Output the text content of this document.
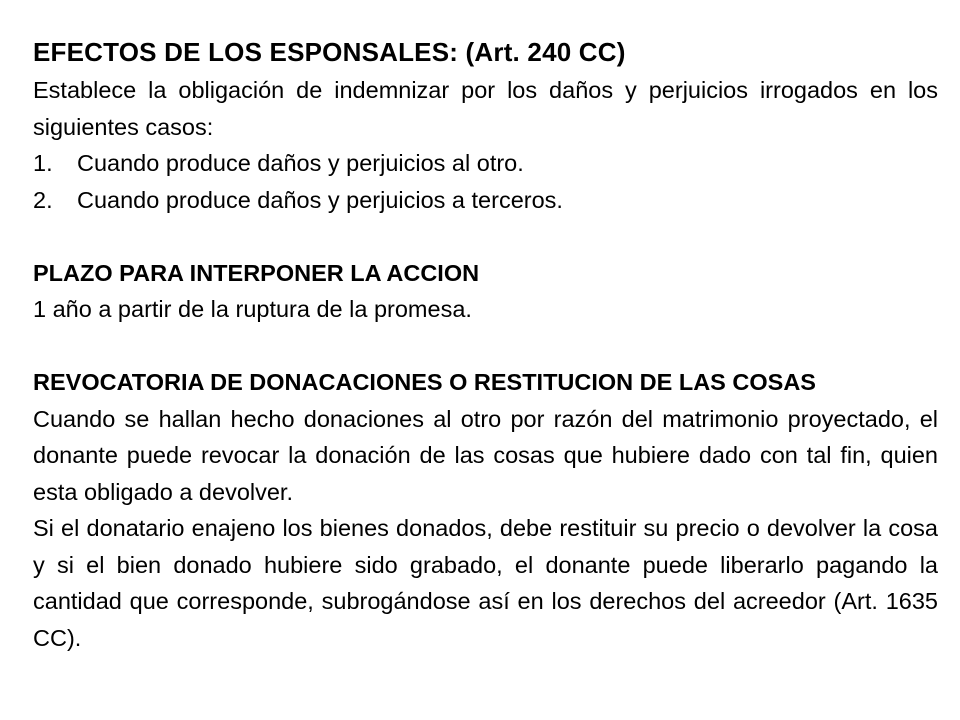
EFECTOS DE LOS ESPONSALES: (Art. 240 CC)

Establece la obligación de indemnizar por los daños y perjuicios irrogados en los siguientes casos:

1.	Cuando produce daños y perjuicios al otro.
2.	Cuando produce daños y perjuicios a terceros.

PLAZO PARA INTERPONER LA ACCION

1 año a partir de la ruptura de la promesa.

REVOCATORIA DE DONACACIONES O RESTITUCION DE LAS COSAS

Cuando se hallan hecho donaciones al otro por razón del matrimonio proyectado, el donante puede revocar la donación de las cosas que hubiere dado con tal fin, quien esta obligado a devolver.

Si el donatario enajeno los bienes donados, debe restituir su precio o devolver la cosa y si el bien donado hubiere sido grabado, el donante puede liberarlo pagando la cantidad que corresponde, subrogándose así en los derechos del acreedor (Art. 1635 CC).
